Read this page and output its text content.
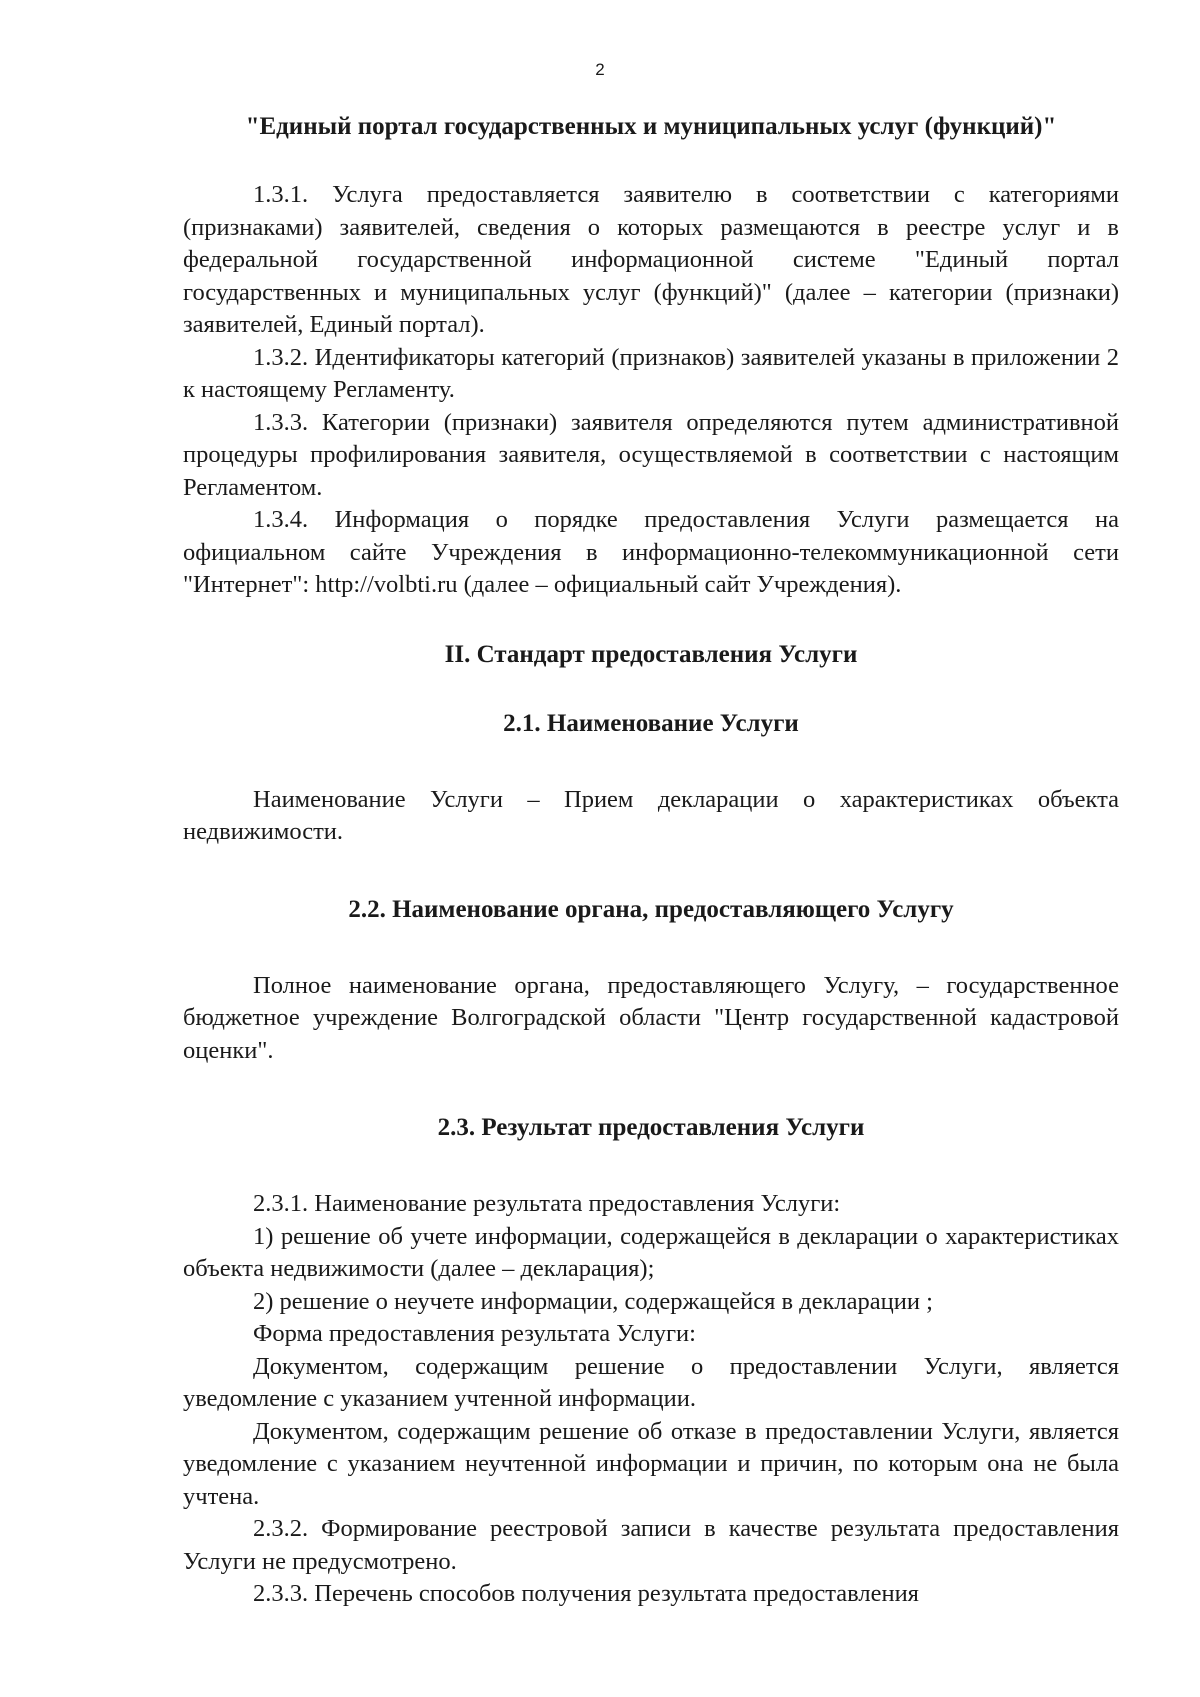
2
"Единый портал государственных и муниципальных услуг (функций)"

1.3.1. Услуга предоставляется заявителю в соответствии с категориями (признаками) заявителей, сведения о которых размещаются в реестре услуг и в федеральной государственной информационной системе "Единый портал государственных и муниципальных услуг (функций)" (далее – категории (признаки) заявителей, Единый портал).

1.3.2. Идентификаторы категорий (признаков) заявителей указаны в приложении 2 к настоящему Регламенту.

1.3.3. Категории (признаки) заявителя определяются путем административной процедуры профилирования заявителя, осуществляемой в соответствии с настоящим Регламентом.

1.3.4. Информация о порядке предоставления Услуги размещается на официальном сайте Учреждения в информационно-телекоммуникационной сети "Интернет": http://volbti.ru (далее – официальный сайт Учреждения).

II. Стандарт предоставления Услуги
2.1. Наименование Услуги

Наименование Услуги – Прием декларации о характеристиках объекта недвижимости.

2.2. Наименование органа, предоставляющего Услугу

Полное наименование органа, предоставляющего Услугу, – государственное бюджетное учреждение Волгоградской области "Центр государственной кадастровой оценки".

2.3. Результат предоставления Услуги

2.3.1. Наименование результата предоставления Услуги:

1) решение об учете информации, содержащейся в декларации о характеристиках объекта недвижимости (далее – декларация);

2) решение о неучете информации, содержащейся в декларации ;

Форма предоставления результата Услуги:

Документом, содержащим решение о предоставлении Услуги, является уведомление с указанием учтенной информации.

Документом, содержащим решение об отказе в предоставлении Услуги, является уведомление с указанием неучтенной информации и причин, по которым она не была учтена.

2.3.2. Формирование реестровой записи в качестве результата предоставления Услуги не предусмотрено.

2.3.3. Перечень способов получения результата предоставления
